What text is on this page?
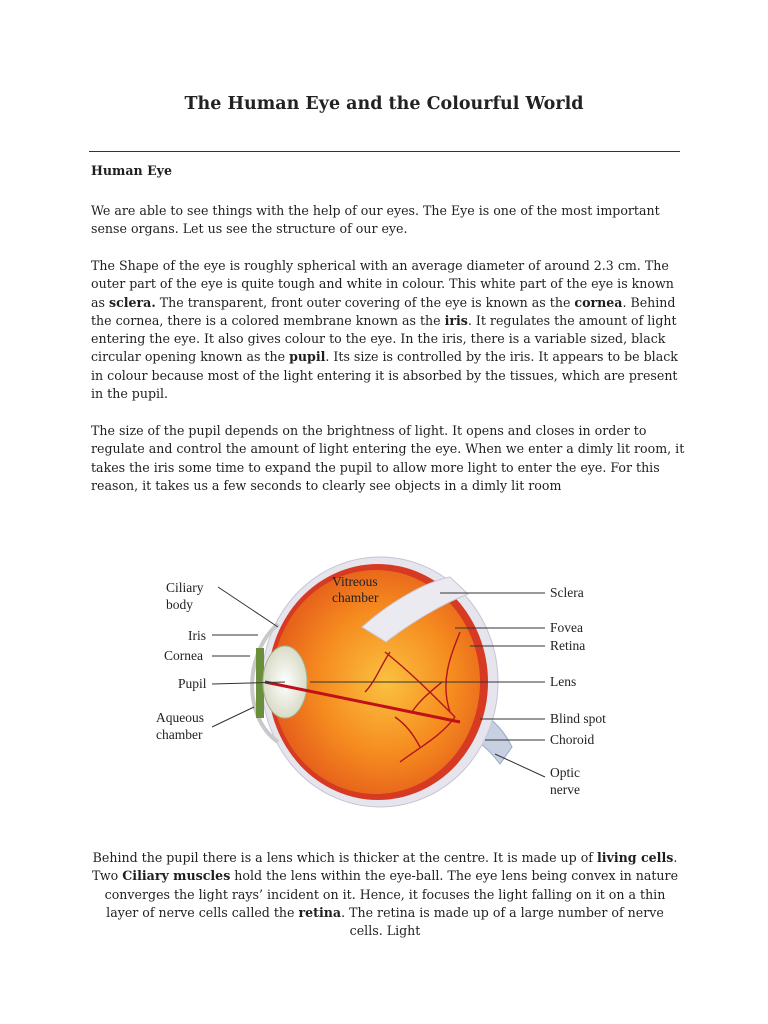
The Human Eye and the Colourful World
Human Eye
We are able to see things with the help of our eyes. The Eye is one of the most important sense organs. Let us see the structure of our eye.
The Shape of the eye is roughly spherical with an average diameter of around 2.3 cm. The outer part of the eye is quite tough and white in colour. This white part of the eye is known as sclera. The transparent, front outer covering of the eye is known as the cornea. Behind the cornea, there is a colored membrane known as the iris. It regulates the amount of light entering the eye. It also gives colour to the eye. In the iris, there is a variable sized, black circular opening known as the pupil. Its size is controlled by the iris. It appears to be black in colour because most of the light entering it is absorbed by the tissues, which are present in the pupil.
The size of the pupil depends on the brightness of light. It opens and closes in order to regulate and control the amount of light entering the eye. When we enter a dimly lit room, it takes the iris some time to expand the pupil to allow more light to enter the eye. For this reason, it takes us a few seconds to clearly see objects in a dimly lit room
Ciliary body
Iris
Cornea
Pupil
Aqueous chamber
Vitreous chamber	Sclera
Fovea
Retina
Lens
Blind spot
Choroid
Optic nerve
Behind the pupil there is a lens which is thicker at the centre. It is made up of living cells. Two Ciliary muscles hold the lens within the eye-ball. The eye lens being convex in nature converges the light rays’ incident on it. Hence, it focuses the light falling on it on a thin layer of nerve cells called the retina. The retina is made up of a large number of nerve cells. Light
